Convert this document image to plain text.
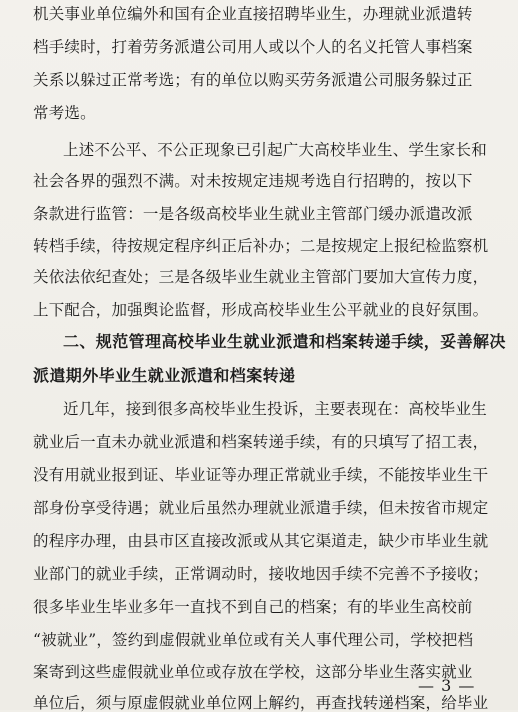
机关事业单位编外和国有企业直接招聘毕业生，办理就业派遣转
档手续时，打着劳务派遣公司用人或以个人的名义托管人事档案
关系以躲过正常考选；有的单位以购买劳务派遣公司服务躲过正
常考选。
上述不公平、不公正现象已引起广大高校毕业生、学生家长和
社会各界的强烈不满。对未按规定违规考选自行招聘的，按以下
条款进行监管：一是各级高校毕业生就业主管部门缓办派遣改派
转档手续，待按规定程序纠正后补办；二是按规定上报纪检监察机
关依法依纪查处；三是各级毕业生就业主管部门要加大宣传力度，
上下配合，加强舆论监督，形成高校毕业生公平就业的良好氛围。
二、规范管理高校毕业生就业派遣和档案转递手续，妥善解决
派遣期外毕业生就业派遣和档案转递
近几年，接到很多高校毕业生投诉，主要表现在：高校毕业生
就业后一直未办就业派遣和档案转递手续，有的只填写了招工表，
没有用就业报到证、毕业证等办理正常就业手续，不能按毕业生干
部身份享受待遇；就业后虽然办理就业派遣手续，但未按省市规定
的程序办理，由县市区直接改派或从其它渠道走，缺少市毕业生就
业部门的就业手续，正常调动时，接收地因手续不完善不予接收；
很多毕业生毕业多年一直找不到自己的档案；有的毕业生高校前
“被就业”，签约到虚假就业单位或有关人事代理公司，学校把档
案寄到这些虚假就业单位或存放在学校，这部分毕业生落实就业
单位后，须与原虚假就业单位网上解约，再查找转递档案，给毕业
— 3 —
